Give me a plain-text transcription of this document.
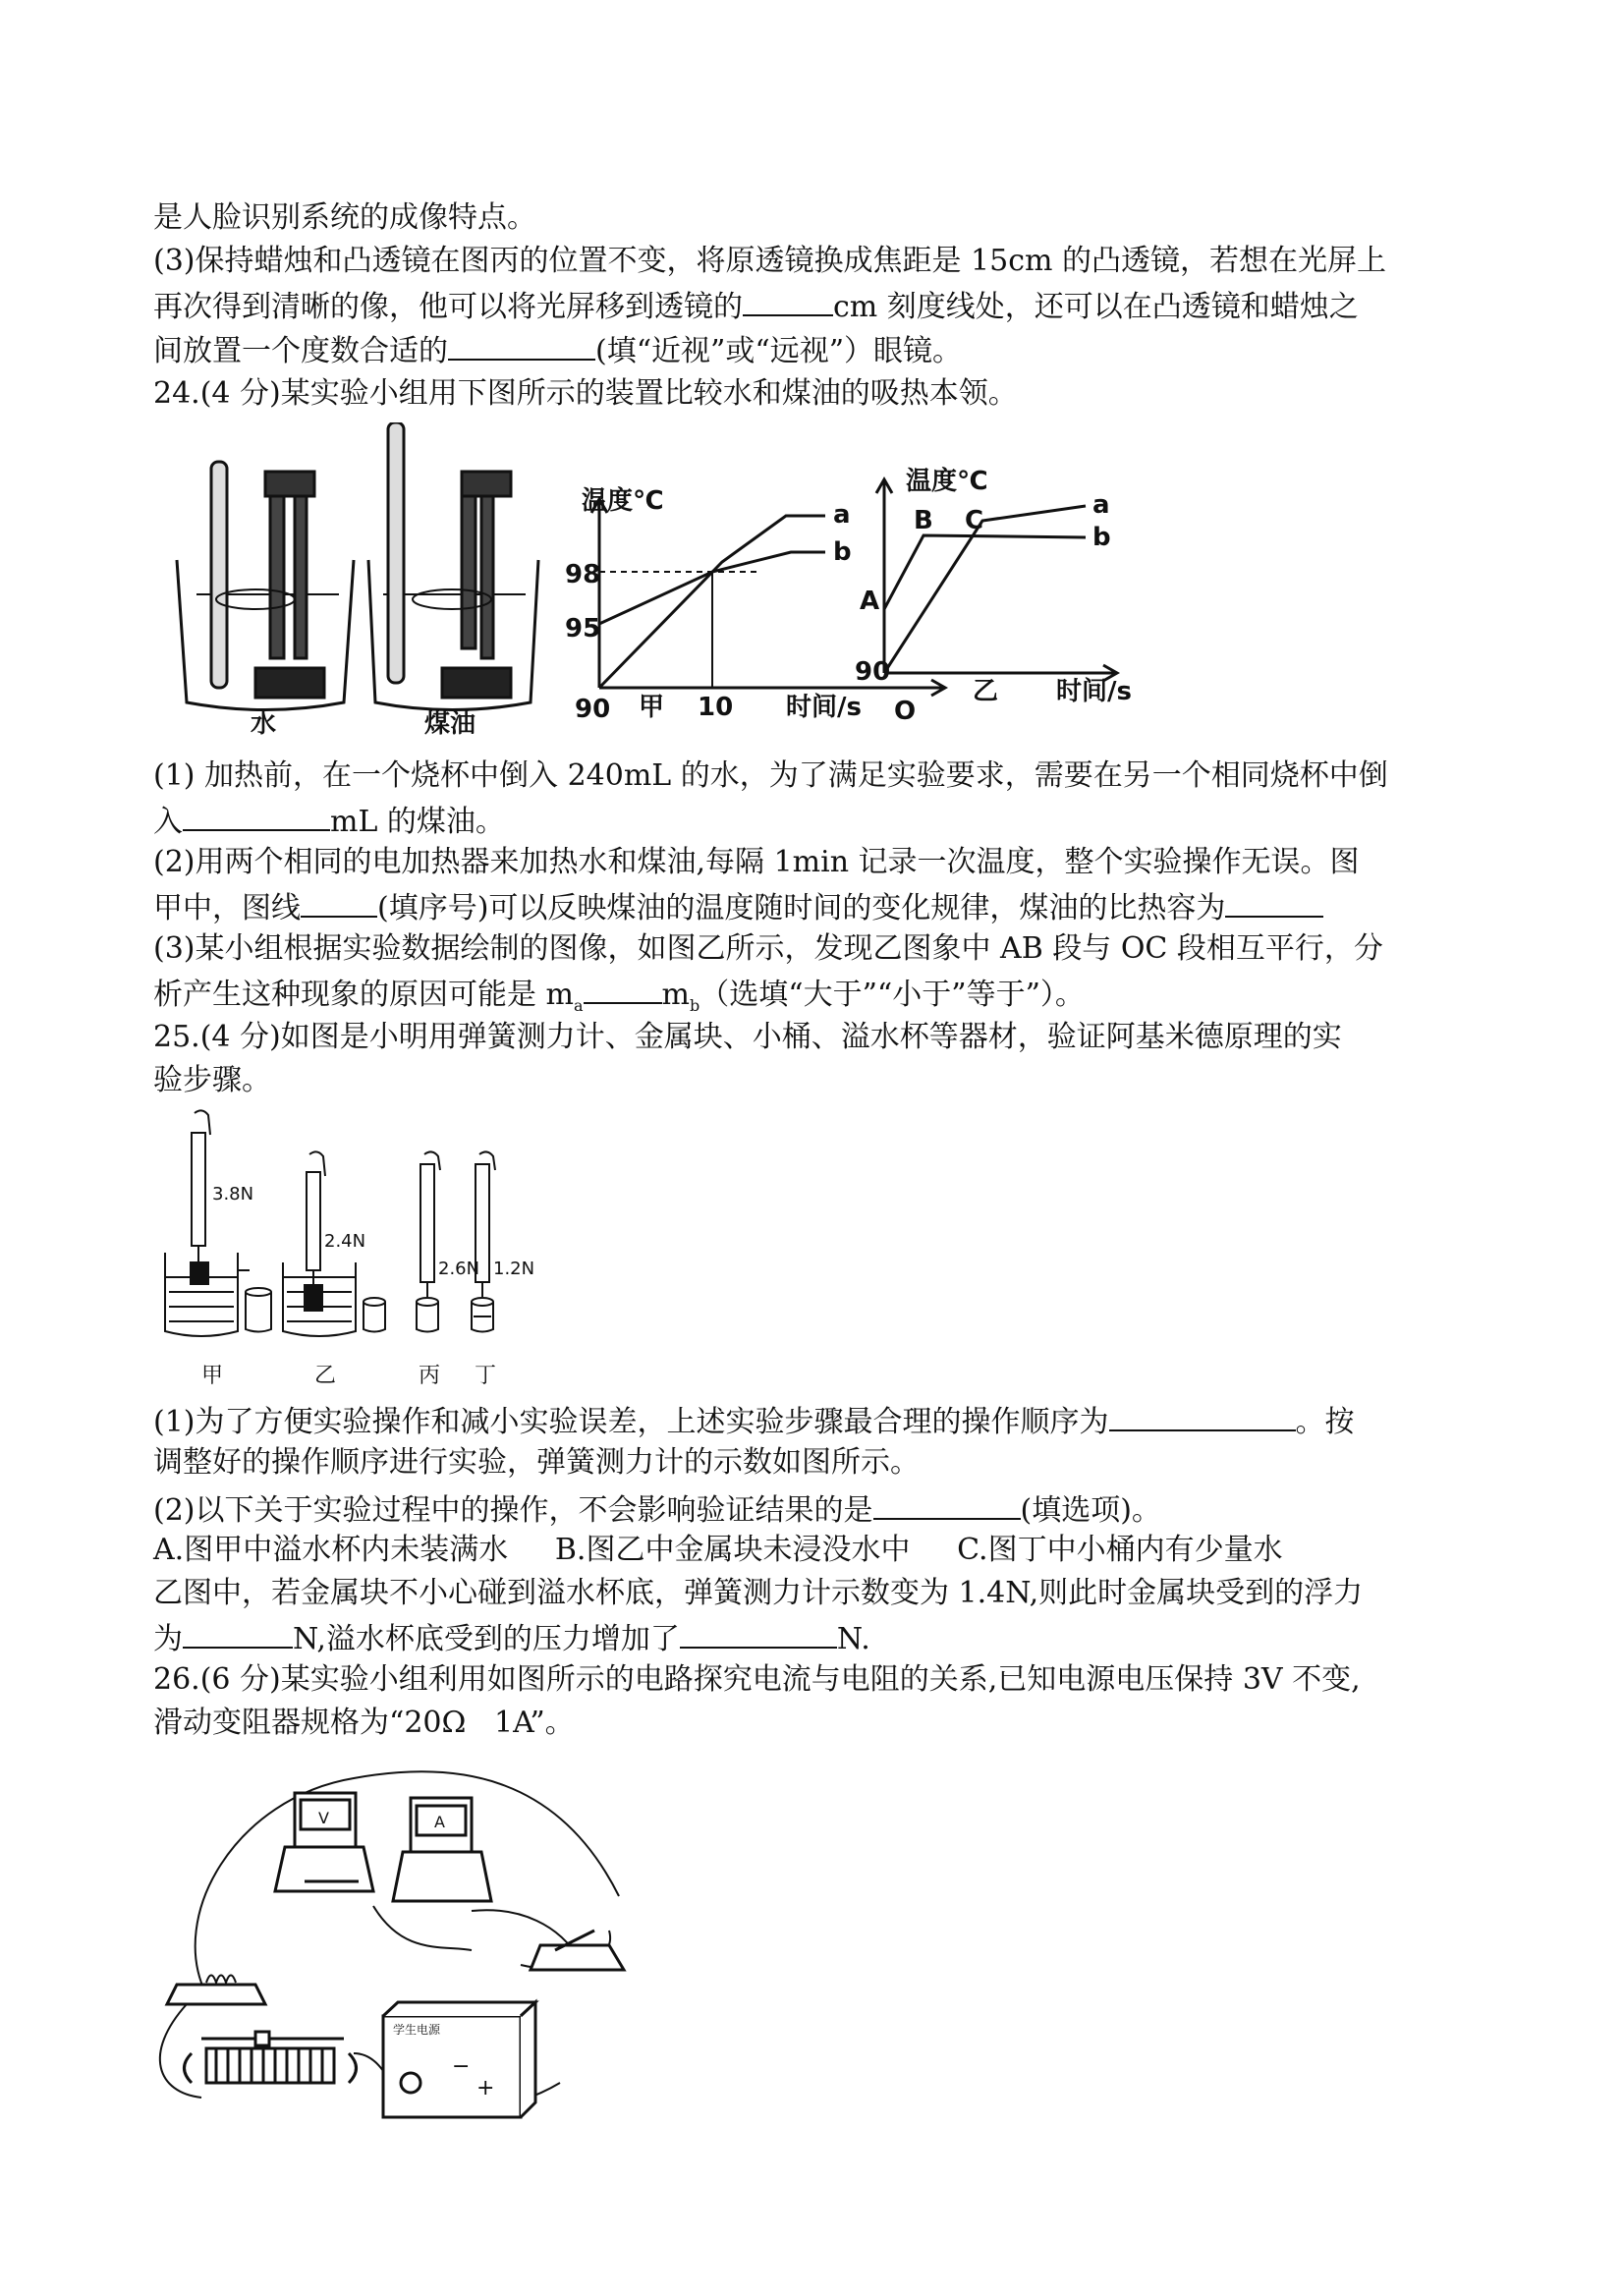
是人脸识别系统的成像特点。
(3)保持蜡烛和凸透镜在图丙的位置不变，将原透镜换成焦距是 15cm 的凸透镜，若想在光屏上
再次得到清晰的像，他可以将光屏移到透镜的	cm 刻度线处，还可以在凸透镜和蜡烛之
间放置一个度数合适的	(填“近视”或“远视”）眼镜。
24.(4 分)某实验小组用下图所示的装置比较水和煤油的吸热本领。
水	煤油
温度℃
98
95
90 甲 10 时间/s
a
b
温度℃
B C
A
90
O
乙 时间/s
a
b
(1) 加热前，在一个烧杯中倒入 240mL 的水，为了满足实验要求，需要在另一个相同烧杯中倒
入	mL 的煤油。
(2)用两个相同的电加热器来加热水和煤油,每隔 1min 记录一次温度，整个实验操作无误。图
甲中，图线	(填序号)可以反映煤油的温度随时间的变化规律，煤油的比热容为
(3)某小组根据实验数据绘制的图像，如图乙所示，发现乙图象中 AB 段与 OC 段相互平行，分
析产生这种现象的原因可能是 $m_a$	$m_b$（选填“大于”“小于”等于”）。
25.(4 分)如图是小明用弹簧测力计、金属块、小桶、溢水杯等器材，验证阿基米德原理的实
验步骤。
3.8N
2.4N
2.6N 1.2N
甲	乙	丙 丁
(1)为了方便实验操作和减小实验误差，上述实验步骤最合理的操作顺序为	。按
调整好的操作顺序进行实验，弹簧测力计的示数如图所示。
(2)以下关于实验过程中的操作，不会影响验证结果的是	(填选项)。
A.图甲中溢水杯内未装满水     B.图乙中金属块未浸没水中     C.图丁中小桶内有少量水
乙图中，若金属块不小心碰到溢水杯底，弹簧测力计示数变为 1.4N,则此时金属块受到的浮力
为	N,溢水杯底受到的压力增加了	N.
26.(6 分)某实验小组利用如图所示的电路探究电流与电阻的关系,已知电源电压保持 3V 不变,
滑动变阻器规格为“20Ω   1A”。
V	A
学生电源
−
+
